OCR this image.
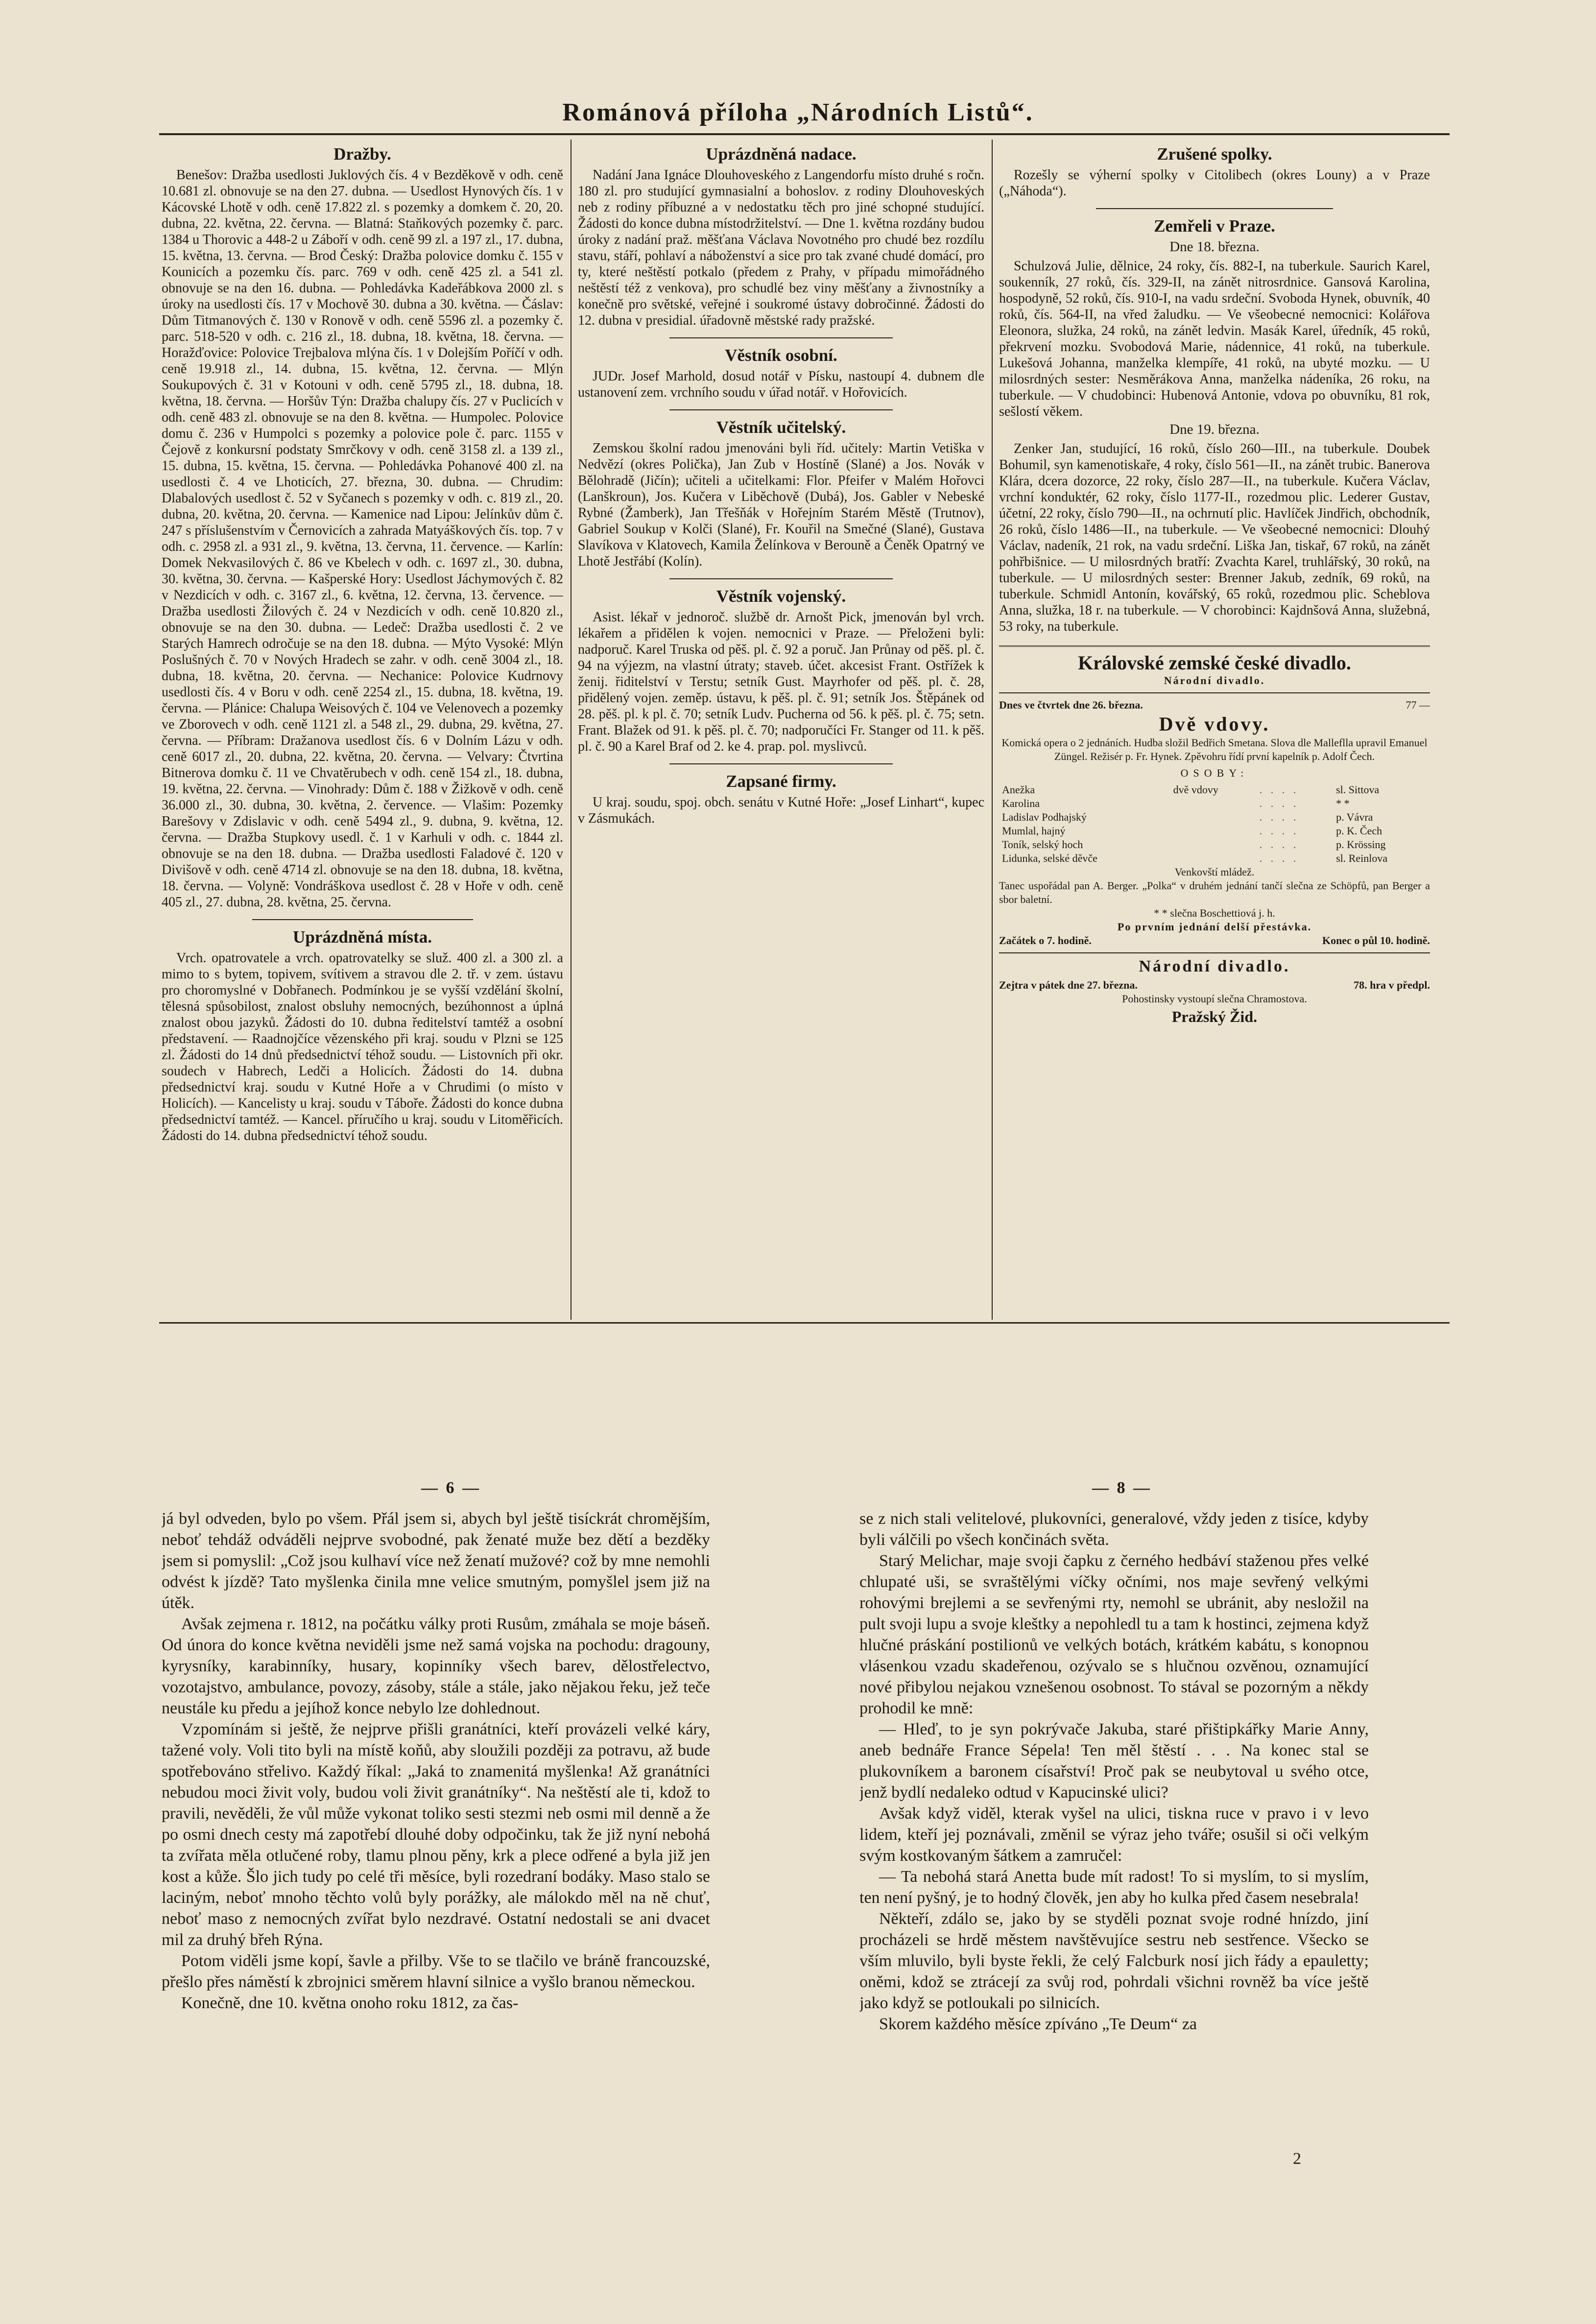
Románová příloha „Národních Listů“.
Dražby.

Benešov: Dražba usedlosti Juklových čís. 4 v Bezděkově v odh. ceně 10.681 zl. obnovuje se na den 27. dubna. — Usedlost Hynových čís. 1 v Kácovské Lhotě v odh. ceně 17.822 zl. s pozemky a domkem č. 20, 20. dubna, 22. května, 22. června. — Blatná: Staňkových pozemky č. parc. 1384 u Thorovic a 448-2 u Záboří v odh. ceně 99 zl. a 197 zl., 17. dubna, 15. května, 13. června. — Brod Český: Dražba polovice domku č. 155 v Kounicích a pozemku čís. parc. 769 v odh. ceně 425 zl. a 541 zl. obnovuje se na den 16. dubna. — Pohledávka Kadeřábkova 2000 zl. s úroky na usedlosti čís. 17 v Mochově 30. dubna a 30. května. — Čáslav: Dům Titmanových č. 130 v Ronově v odh. ceně 5596 zl. a pozemky č. parc. 518-520 v odh. c. 216 zl., 18. dubna, 18. května, 18. června. — Horažďovice: Polovice Trejbalova mlýna čís. 1 v Dolejším Poříčí v odh. ceně 19.918 zl., 14. dubna, 15. května, 12. června. — Mlýn Soukupových č. 31 v Kotouni v odh. ceně 5795 zl., 18. dubna, 18. května, 18. června. — Horšův Týn: Dražba chalupy čís. 27 v Puclicích v odh. ceně 483 zl. obnovuje se na den 8. května. — Humpolec. Polovice domu č. 236 v Humpolci s pozemky a polovice pole č. parc. 1155 v Čejově z konkursní podstaty Smrčkovy v odh. ceně 3158 zl. a 139 zl., 15. dubna, 15. května, 15. června. — Pohledávka Pohanové 400 zl. na usedlosti č. 4 ve Lhoticích, 27. března, 30. dubna. — Chrudim: Dlabalových usedlost č. 52 v Syčanech s pozemky v odh. c. 819 zl., 20. dubna, 20. května, 20. června. — Kamenice nad Lipou: Jelínkův dům č. 247 s příslušenstvím v Černovicích a zahrada Matyáškových čís. top. 7 v odh. c. 2958 zl. a 931 zl., 9. května, 13. června, 11. července. — Karlín: Domek Nekvasilových č. 86 ve Kbelech v odh. c. 1697 zl., 30. dubna, 30. května, 30. června. — Kašperské Hory: Usedlost Jáchymových č. 82 v Nezdicích v odh. c. 3167 zl., 6. května, 12. června, 13. července. — Dražba usedlosti Žilových č. 24 v Nezdicích v odh. ceně 10.820 zl., obnovuje se na den 30. dubna. — Ledeč: Dražba usedlosti č. 2 ve Starých Hamrech odročuje se na den 18. dubna. — Mýto Vysoké: Mlýn Poslušných č. 70 v Nových Hradech se zahr. v odh. ceně 3004 zl., 18. dubna, 18. května, 20. června. — Nechanice: Polovice Kudrnovy usedlosti čís. 4 v Boru v odh. ceně 2254 zl., 15. dubna, 18. května, 19. června. — Plánice: Chalupa Weisových č. 104 ve Velenovech a pozemky ve Zborovech v odh. ceně 1121 zl. a 548 zl., 29. dubna, 29. května, 27. června. — Příbram: Dražanova usedlost čís. 6 v Dolním Lázu v odh. ceně 6017 zl., 20. dubna, 22. května, 20. června. — Velvary: Čtvrtina Bitnerova domku č. 11 ve Chvatěrubech v odh. ceně 154 zl., 18. dubna, 19. května, 22. června. — Vinohrady: Dům č. 188 v Žižkově v odh. ceně 36.000 zl., 30. dubna, 30. května, 2. července. — Vlašim: Pozemky Barešovy v Zdislavic v odh. ceně 5494 zl., 9. dubna, 9. května, 12. června. — Dražba Stupkovy usedl. č. 1 v Karhuli v odh. c. 1844 zl. obnovuje se na den 18. dubna. — Dražba usedlosti Faladové č. 120 v Divišově v odh. ceně 4714 zl. obnovuje se na den 18. dubna, 18. května, 18. června. — Volyně: Vondráškova usedlost č. 28 v Hoře v odh. ceně 405 zl., 27. dubna, 28. května, 25. června.

Uprázdněná místa.

Vrch. opatrovatele a vrch. opatrovatelky se služ. 400 zl. a 300 zl. a mimo to s bytem, topivem, svítivem a stravou dle 2. tř. v zem. ústavu pro choromyslné v Dobřanech. Podmínkou je se vyšší vzdělání školní, tělesná spůsobilost, znalost obsluhy nemocných, bezúhonnost a úplná znalost obou jazyků. Žádosti do 10. dubna ředitelství tamtéž a osobní představení. — Raadnojčíce vězenského při kraj. soudu v Plzni se 125 zl. Žádosti do 14 dnů předsednictví téhož soudu. — Listovních při okr. soudech v Habrech, Ledči a Holicích. Žádosti do 14. dubna předsednictví kraj. soudu v Kutné Hoře a v Chrudimi (o místo v Holicích). — Kancelisty u kraj. soudu v Táboře. Žádosti do konce dubna předsednictví tamtéž. — Kancel. příručího u kraj. soudu v Litoměřicích. Žádosti do 14. dubna předsednictví téhož soudu.

Uprázdněná nadace.

Nadání Jana Ignáce Dlouhoveského z Langendorfu místo druhé s ročn. 180 zl. pro studující gymnasialní a bohoslov. z rodiny Dlouhoveských neb z rodiny příbuzné a v nedostatku těch pro jiné schopné studující. Žádosti do konce dubna místodržitelství. — Dne 1. května rozdány budou úroky z nadání praž. měšťana Václava Novotného pro chudé bez rozdílu stavu, stáří, pohlaví a náboženství a sice pro tak zvané chudé domácí, pro ty, které neštěstí potkalo (předem z Prahy, v případu mimořádného neštěstí též z venkova), pro schudlé bez viny měšťany a živnostníky a konečně pro světské, veřejné i soukromé ústavy dobročinné. Žádosti do 12. dubna v presidial. úřadovně městské rady pražské.

Věstník osobní.

JUDr. Josef Marhold, dosud notář v Písku, nastoupí 4. dubnem dle ustanovení zem. vrchního soudu v úřad notář. v Hořovicích.

Věstník učitelský.

Zemskou školní radou jmenováni byli říd. učitely: Martin Vetiška v Nedvězí (okres Polička), Jan Zub v Hostíně (Slané) a Jos. Novák v Bělohradě (Jičín); učiteli a učitelkami: Flor. Pfeifer v Malém Hořovci (Lanškroun), Jos. Kučera v Liběchově (Dubá), Jos. Gabler v Nebeské Rybné (Žamberk), Jan Třešňák v Hořejním Starém Městě (Trutnov), Gabriel Soukup v Kolči (Slané), Fr. Kouřil na Smečné (Slané), Gustava Slavíkova v Klatovech, Kamila Želínkova v Berouně a Čeněk Opatrný ve Lhotě Jestřábí (Kolín).

Věstník vojenský.

Asist. lékař v jednoroč. službě dr. Arnošt Pick, jmenován byl vrch. lékařem a přidělen k vojen. nemocnici v Praze. — Přeloženi byli: nadporuč. Karel Truska od pěš. pl. č. 92 a poruč. Jan Průnay od pěš. pl. č. 94 na výjezm, na vlastní útraty; staveb. účet. akcesist Frant. Ostřížek k ženij. řiditelství v Terstu; setník Gust. Mayrhofer od pěš. pl. č. 28, přidělený vojen. zeměp. ústavu, k pěš. pl. č. 91; setník Jos. Štěpánek od 28. pěš. pl. k pl. č. 70; setník Ludv. Pucherna od 56. k pěš. pl. č. 75; setn. Frant. Blažek od 91. k pěš. pl. č. 70; nadporučíci Fr. Stanger od 11. k pěš. pl. č. 90 a Karel Braf od 2. ke 4. prap. pol. myslivců.

Zapsané firmy.

U kraj. soudu, spoj. obch. senátu v Kutné Hoře: „Josef Linhart“, kupec v Zásmukách.

Zrušené spolky.

Rozešly se výherní spolky v Citolibech (okres Louny) a v Praze („Náhoda“).

Zemřeli v Praze.
Dne 18. března.

Schulzová Julie, dělnice, 24 roky, čís. 882-I, na tuberkule. Saurich Karel, soukenník, 27 roků, čís. 329-II, na zánět nitrosrdnice. Gansová Karolina, hospodyně, 52 roků, čís. 910-I, na vadu srdeční. Svoboda Hynek, obuvník, 40 roků, čís. 564-II, na vřed žaludku. — Ve všeobecné nemocnici: Kolářova Eleonora, služka, 24 roků, na zánět ledvin. Masák Karel, úředník, 45 roků, překrvení mozku. Svobodová Marie, nádennice, 41 roků, na tuberkule. Lukešová Johanna, manželka klempíře, 41 roků, na ubyté mozku. — U milosrdných sester: Nesměrákova Anna, manželka nádeníka, 26 roku, na tuberkule. — V chudobinci: Hubenová Antonie, vdova po obuvníku, 81 rok, sešlostí věkem.

Dne 19. března.

Zenker Jan, studující, 16 roků, číslo 260—III., na tuberkule. Doubek Bohumil, syn kamenotiskaře, 4 roky, číslo 561—II., na zánět trubic. Banerova Klára, dcera dozorce, 22 roky, číslo 287—II., na tuberkule. Kučera Václav, vrchní konduktér, 62 roky, číslo 1177-II., rozedmou plic. Lederer Gustav, účetní, 22 roky, číslo 790—II., na ochrnutí plic. Havlíček Jindřich, obchodník, 26 roků, číslo 1486—II., na tuberkule. — Ve všeobecné nemocnici: Dlouhý Václav, nadeník, 21 rok, na vadu srdeční. Liška Jan, tiskař, 67 roků, na zánět pohřbišnice. — U milosrdných bratří: Zvachta Karel, truhlářský, 30 roků, na tuberkule. — U milosrdných sester: Brenner Jakub, zedník, 69 roků, na tuberkule. Schmidl Antonín, kovářský, 65 roků, rozedmou plic. Scheblova Anna, služka, 18 r. na tuberkule. — V chorobinci: Kajdnšová Anna, služebná, 53 roky, na tuberkule.

Královské zemské české divadlo.
Národní divadlo.
Dnes ve čtvrtek dne 26. března.	77 —
Dvě vdovy.
Komická opera o 2 jednáních. Hudba složil Bedřich Smetana. Slova dle Malleflla upravil Emanuel Züngel. Režisér p. Fr. Hynek. Zpěvohru řídí první kapelník p. Adolf Čech.
OSOBY:
Anežka	dvě vdovy	. . . .	sl. Sittova
Karolina		. . . .	* *
Ladislav Podhajský		. . . .	p. Vávra
Mumlal, hajný		. . . .	p. K. Čech
Toník, selský hoch		. . . .	p. Krössing
Lidunka, selské děvče		. . . .	sl. Reinlova
Venkovští mládež.
Tanec uspořádal pan A. Berger. „Polka“ v druhém jednání tančí slečna ze Schöpfů, pan Berger a sbor baletní.
* * slečna Boschettiová j. h.
Po prvním jednání delší přestávka.
Začátek o 7. hodině.	Konec o půl 10. hodině.
Národní divadlo.
Zejtra v pátek dne 27. března.	78. hra v předpl.
Pohostinsky vystoupí slečna Chramostova.
Pražský Žid.
— 6 —	— 8 —

já byl odveden, bylo po všem. Přál jsem si, abych byl ještě tisíckrát chromějším, neboť tehdáž odváděli nejprve svobodné, pak ženaté muže bez dětí a bezděky jsem si pomyslil: „Což jsou kulhaví více než ženatí mužové? což by mne nemohli odvést k jízdě? Tato myšlenka činila mne velice smutným, pomyšlel jsem již na útěk.

Avšak zejmena r. 1812, na počátku války proti Rusům, zmáhala se moje báseň. Od února do konce května neviděli jsme než samá vojska na pochodu: dragouny, kyrysníky, karabinníky, husary, kopinníky všech barev, dělostřelectvo, vozotajstvo, ambulance, povozy, zásoby, stále a stále, jako nějakou řeku, jež teče neustále ku předu a jejíhož konce nebylo lze dohlednout.

Vzpomínám si ještě, že nejprve přišli granátníci, kteří provázeli velké káry, tažené voly. Voli tito byli na místě koňů, aby sloužili později za potravu, až bude spotřebováno střelivo. Každý říkal: „Jaká to znamenitá myšlenka! Až granátníci nebudou moci živit voly, budou voli živit granátníky“. Na neštěstí ale ti, kdož to pravili, nevěděli, že vůl může vykonat toliko sesti stezmi neb osmi mil denně a že po osmi dnech cesty má zapotřebí dlouhé doby odpočinku, tak že již nyní nebohá ta zvířata měla otlučené roby, tlamu plnou pěny, krk a plece odřené a byla již jen kost a kůže. Šlo jich tudy po celé tři měsíce, byli rozedraní bodáky. Maso stalo se laciným, neboť mnoho těchto volů byly porážky, ale málokdo měl na ně chuť, neboť maso z nemocných zvířat bylo nezdravé. Ostatní nedostali se ani dvacet mil za druhý břeh Rýna.

Potom viděli jsme kopí, šavle a přilby. Vše to se tlačilo ve bráně francouzské, přešlo přes náměstí k zbrojnici směrem hlavní silnice a vyšlo branou německou.

Konečně, dne 10. května onoho roku 1812, za čas-

se z nich stali velitelové, plukovníci, generalové, vždy jeden z tisíce, kdyby byli válčili po všech končinách světa.

Starý Melichar, maje svoji čapku z černého hedbáví staženou přes velké chlupaté uši, se svraštělými víčky očními, nos maje sevřený velkými rohovými brejlemi a se sevřenými rty, nemohl se ubránit, aby nesložil na pult svoji lupu a svoje kleštky a nepohledl tu a tam k hostinci, zejmena když hlučné práskání postilionů ve velkých botách, krátkém kabátu, s konopnou vlásenkou vzadu skadeřenou, ozývalo se s hlučnou ozvěnou, oznamující nové přibylou nejakou vznešenou osobnost. To stával se pozorným a někdy prohodil ke mně:

— Hleď, to je syn pokrývače Jakuba, staré přištipkářky Marie Anny, aneb bednáře France Sépela! Ten měl štěstí . . . Na konec stal se plukovníkem a baronem císařství! Proč pak se neubytoval u svého otce, jenž bydlí nedaleko odtud v Kapucinské ulici?

Avšak když viděl, kterak vyšel na ulici, tiskna ruce v pravo i v levo lidem, kteří jej poznávali, změnil se výraz jeho tváře; osušil si oči velkým svým kostkovaným šátkem a zamručel:

— Ta nebohá stará Anetta bude mít radost! To si myslím, to si myslím, ten není pyšný, je to hodný člověk, jen aby ho kulka před časem nesebrala!

Někteří, zdálo se, jako by se styděli poznat svoje rodné hnízdo, jiní procházeli se hrdě městem navštěvujíce sestru neb sestřence. Všecko se vším mluvilo, byli byste řekli, že celý Falcburk nosí jich řády a epauletty; oněmi, kdož se ztrácejí za svůj rod, pohrdali všichni rovněž ba více ještě jako když se potloukali po silnicích.

Skorem každého měsíce zpíváno „Te Deum“ za

2
